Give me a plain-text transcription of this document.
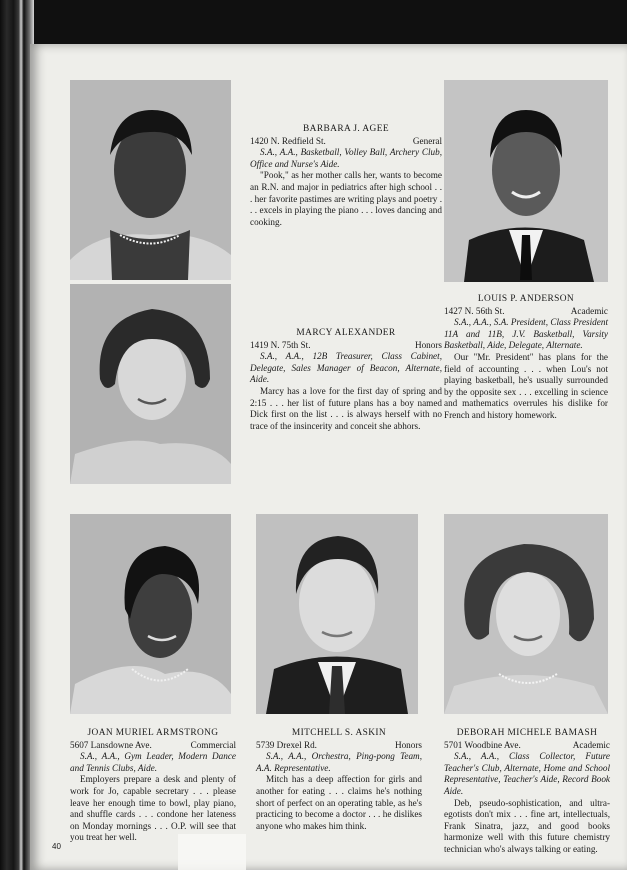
BARBARA J. AGEE
1420 N. Redfield St.	General
S.A., A.A., Basketball, Volley Ball, Archery Club, Office and Nurse's Aide.
"Pook," as her mother calls her, wants to become an R.N. and major in pediatrics after high school . . . her favorite pastimes are writing plays and poetry . . . excels in playing the piano . . . loves dancing and cooking.
LOUIS P. ANDERSON
1427 N. 56th St.	Academic
S.A., A.A., S.A. President, Class President 11A and 11B, J.V. Basketball, Varsity Basketball, Aide, Delegate, Alternate.
Our "Mr. President" has plans for the field of accounting . . . when Lou's not playing basketball, he's usually surrounded by the opposite sex . . . excelling in science and mathematics overrules his dislike for French and history homework.
MARCY ALEXANDER
1419 N. 75th St.	Honors
S.A., A.A., 12B Treasurer, Class Cabinet, Delegate, Sales Manager of Beacon, Alternate, Aide.
Marcy has a love for the first day of spring and 2:15 . . . her list of future plans has a boy named Dick first on the list . . . is always herself with no trace of the insincerity and conceit she abhors.
JOAN MURIEL ARMSTRONG
5607 Lansdowne Ave.	Commercial
S.A., A.A., Gym Leader, Modern Dance and Tennis Clubs, Aide.
Employers prepare a desk and plenty of work for Jo, capable secretary . . . please leave her enough time to bowl, play piano, and shuffle cards . . . condone her lateness on Monday mornings . . . O.P. will see that you treat her well.
MITCHELL S. ASKIN
5739 Drexel Rd.	Honors
S.A., A.A., Orchestra, Ping-pong Team, A.A. Representative.
Mitch has a deep affection for girls and another for eating . . . claims he's nothing short of perfect on an operating table, as he's practicing to become a doctor . . . he dislikes anyone who makes him think.
DEBORAH MICHELE BAMASH
5701 Woodbine Ave.	Academic
S.A., A.A., Class Collector, Future Teacher's Club, Alternate, Home and School Representative, Teacher's Aide, Record Book Aide.
Deb, pseudo-sophistication, and ultra-egotists don't mix . . . fine art, intellectuals, Frank Sinatra, jazz, and good books harmonize well with this future chemistry technician who's always talking or eating.
40
